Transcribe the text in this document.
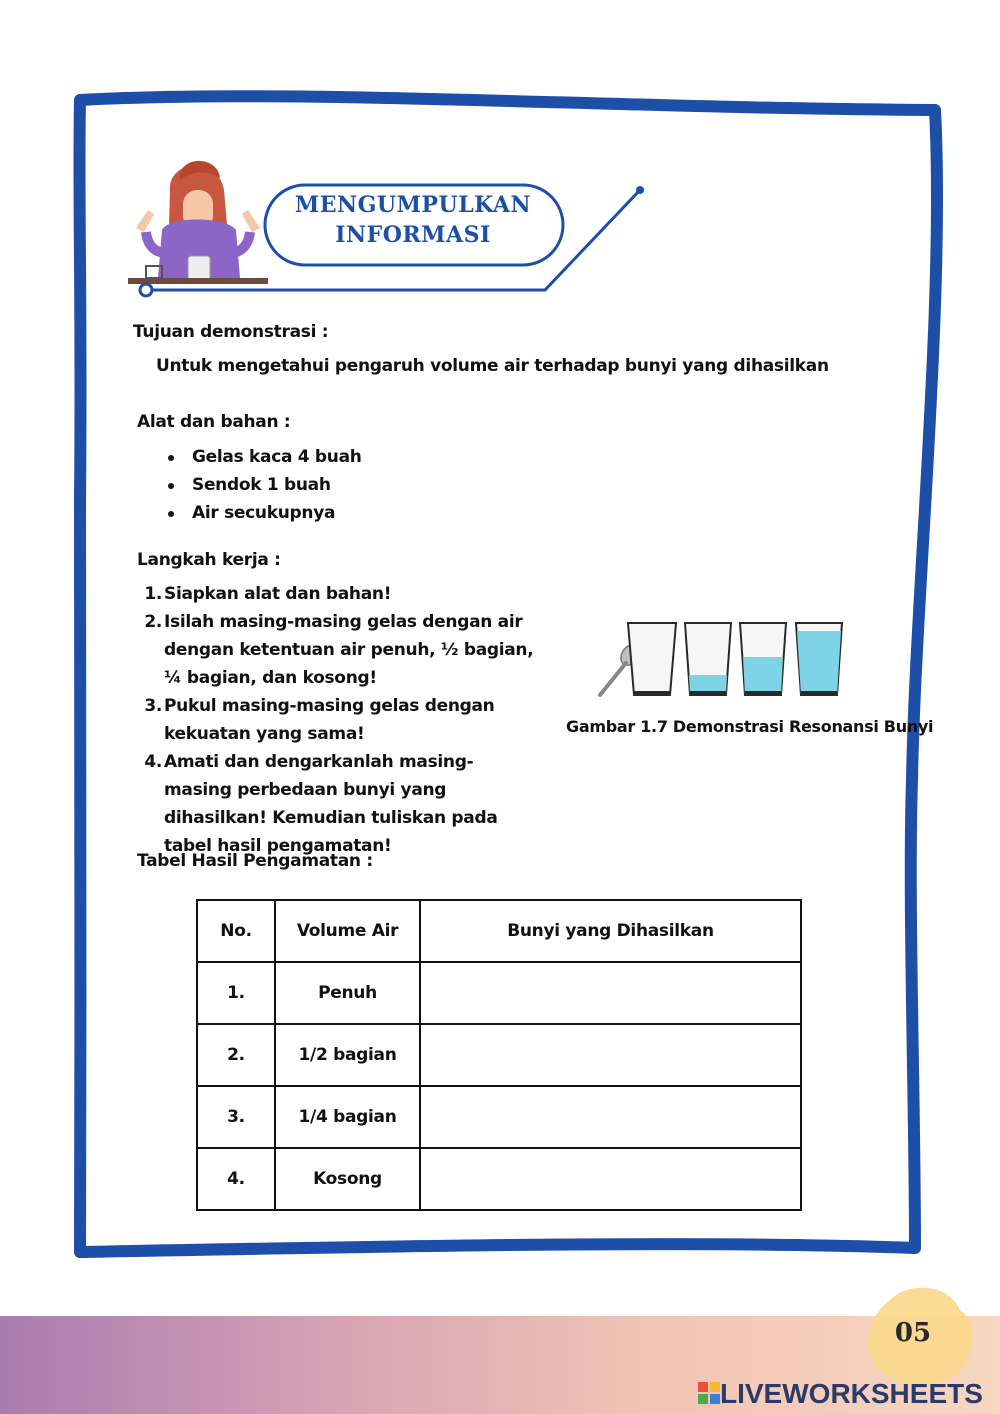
MENGUMPULKAN
INFORMASI
Tujuan demonstrasi :
Untuk mengetahui pengaruh volume air terhadap bunyi yang dihasilkan
Alat dan bahan :
Gelas kaca 4 buah
Sendok 1 buah
Air secukupnya
Langkah kerja :
1. Siapkan alat dan bahan!
2. Isilah masing-masing gelas dengan air dengan ketentuan air penuh, ½ bagian, ¼ bagian, dan kosong!
3. Pukul masing-masing gelas dengan kekuatan yang sama!
4. Amati dan dengarkanlah masing-masing perbedaan bunyi yang dihasilkan! Kemudian tuliskan pada tabel hasil pengamatan!
Gambar 1.7 Demonstrasi Resonansi Bunyi
Tabel Hasil Pengamatan :
No.	Volume Air	Bunyi yang Dihasilkan
1.	Penuh	
2.	1/2 bagian	
3.	1/4 bagian	
4.	Kosong	
05
LIVEWORKSHEETS
